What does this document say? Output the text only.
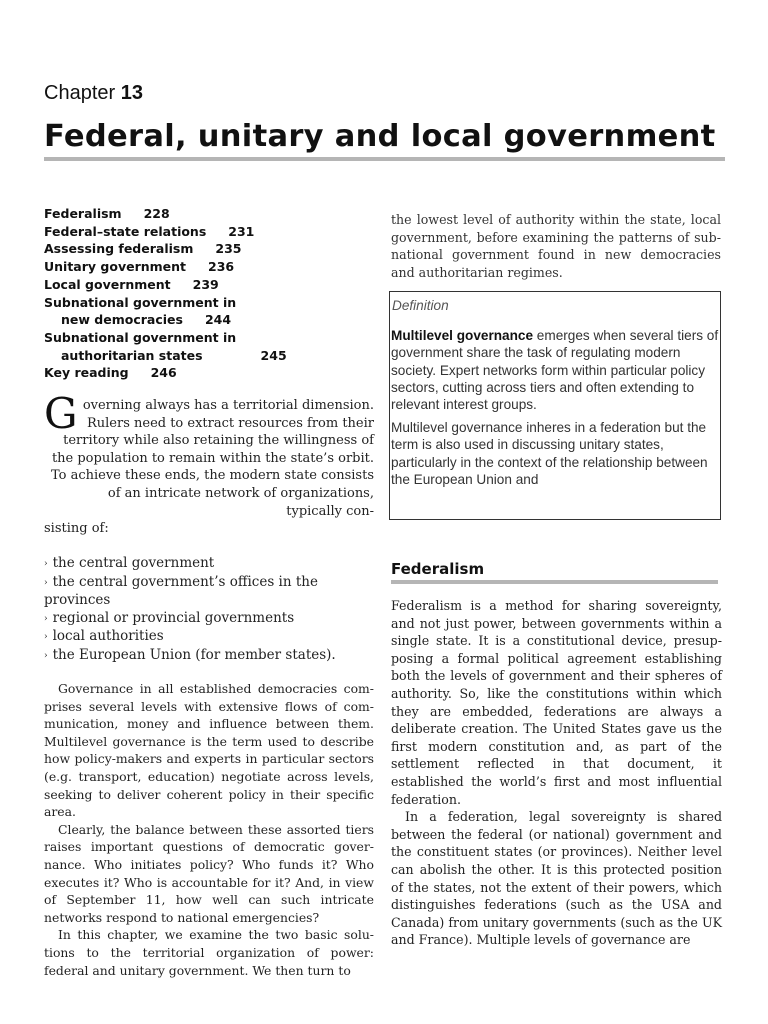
Chapter 13
Federal, unitary and local government
Federalism 228
Federal–state relations 231
Assessing federalism 235
Unitary government 236
Local government 239
Subnational government in
new democracies 244
Subnational government in
authoritarian states	245
Key reading 246
G overning always has a territorial dimension.
Rulers need to extract resources from their
territory while also retaining the willingness of
the population to remain within the state’s orbit.
To achieve these ends, the modern state consists
of an intricate network of organizations,
typically con-
sisting of:
› the central government
› the central government’s offices in the provinces
› regional or provincial governments
› local authorities
› the European Union (for member states).

Governance in all established democracies com- prises several levels with extensive flows of com- munication, money and influence between them. Multilevel governance is the term used to describe how policy-makers and experts in particular sectors (e.g. transport, education) negotiate across levels, seeking to deliver coherent policy in their specific area.

Clearly, the balance between these assorted tiers raises important questions of democratic gover- nance. Who initiates policy? Who funds it? Who executes it? Who is accountable for it? And, in view of September 11, how well can such intricate networks respond to national emergencies?

In this chapter, we examine the two basic solu- tions to the territorial organization of power: federal and unitary government. We then turn to

the lowest level of authority within the state, local government, before examining the patterns of sub- national government found in new democracies and authoritarian regimes.
Definition

Multilevel governance emerges when several tiers of government share the task of regulating modern society. Expert networks form within particular policy sectors, cutting across tiers and often extending to relevant interest groups.

Multilevel governance inheres in a federation but the term is also used in discussing unitary states, particularly in the context of the relationship between the European Union and

Federalism

Federalism is a method for sharing sovereignty, and not just power, between governments within a single state. It is a constitutional device, presup- posing a formal political agreement establishing both the levels of government and their spheres of authority. So, like the constitutions within which they are embedded, federations are always a deliberate creation. The United States gave us the first modern constitution and, as part of the settlement reflected in that document, it established the world’s first and most influential federation.

In a federation, legal sovereignty is shared between the federal (or national) government and the constituent states (or provinces). Neither level can abolish the other. It is this protected position of the states, not the extent of their powers, which distinguishes federations (such as the USA and Canada) from unitary governments (such as the UK and France). Multiple levels of governance are
